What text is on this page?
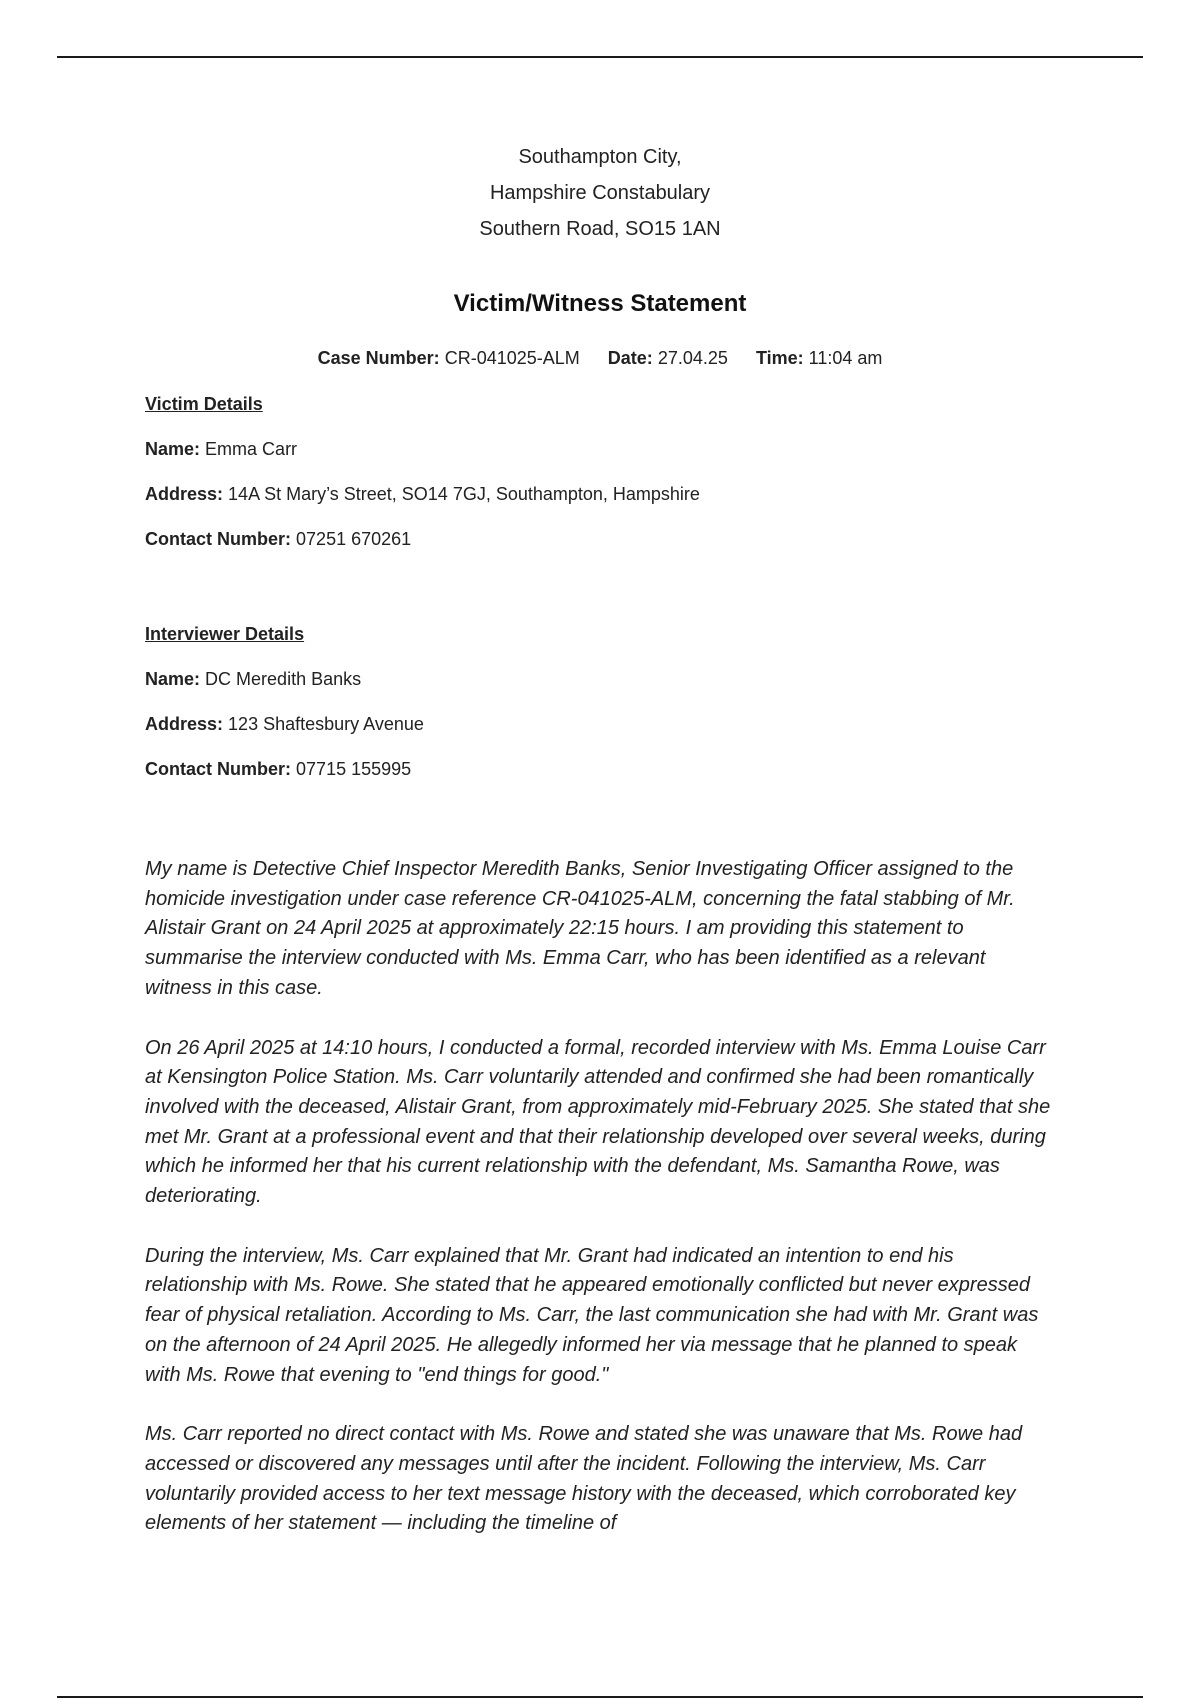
Southampton City,
Hampshire Constabulary
Southern Road, SO15 1AN
Victim/Witness Statement
Case Number: CR-041025-ALM Date: 27.04.25 Time: 11:04 am
Victim Details
Name: Emma Carr
Address: 14A St Mary’s Street, SO14 7GJ, Southampton, Hampshire
Contact Number: 07251 670261
Interviewer Details
Name: DC Meredith Banks
Address: 123 Shaftesbury Avenue
Contact Number: 07715 155995

My name is Detective Chief Inspector Meredith Banks, Senior Investigating Officer assigned to the homicide investigation under case reference CR-041025-ALM, concerning the fatal stabbing of Mr. Alistair Grant on 24 April 2025 at approximately 22:15 hours. I am providing this statement to summarise the interview conducted with Ms. Emma Carr, who has been identified as a relevant witness in this case.

On 26 April 2025 at 14:10 hours, I conducted a formal, recorded interview with Ms. Emma Louise Carr at Kensington Police Station. Ms. Carr voluntarily attended and confirmed she had been romantically involved with the deceased, Alistair Grant, from approximately mid-February 2025. She stated that she met Mr. Grant at a professional event and that their relationship developed over several weeks, during which he informed her that his current relationship with the defendant, Ms. Samantha Rowe, was deteriorating.

During the interview, Ms. Carr explained that Mr. Grant had indicated an intention to end his relationship with Ms. Rowe. She stated that he appeared emotionally conflicted but never expressed fear of physical retaliation. According to Ms. Carr, the last communication she had with Mr. Grant was on the afternoon of 24 April 2025. He allegedly informed her via message that he planned to speak with Ms. Rowe that evening to "end things for good."

Ms. Carr reported no direct contact with Ms. Rowe and stated she was unaware that Ms. Rowe had accessed or discovered any messages until after the incident. Following the interview, Ms. Carr voluntarily provided access to her text message history with the deceased, which corroborated key elements of her statement — including the timeline of
